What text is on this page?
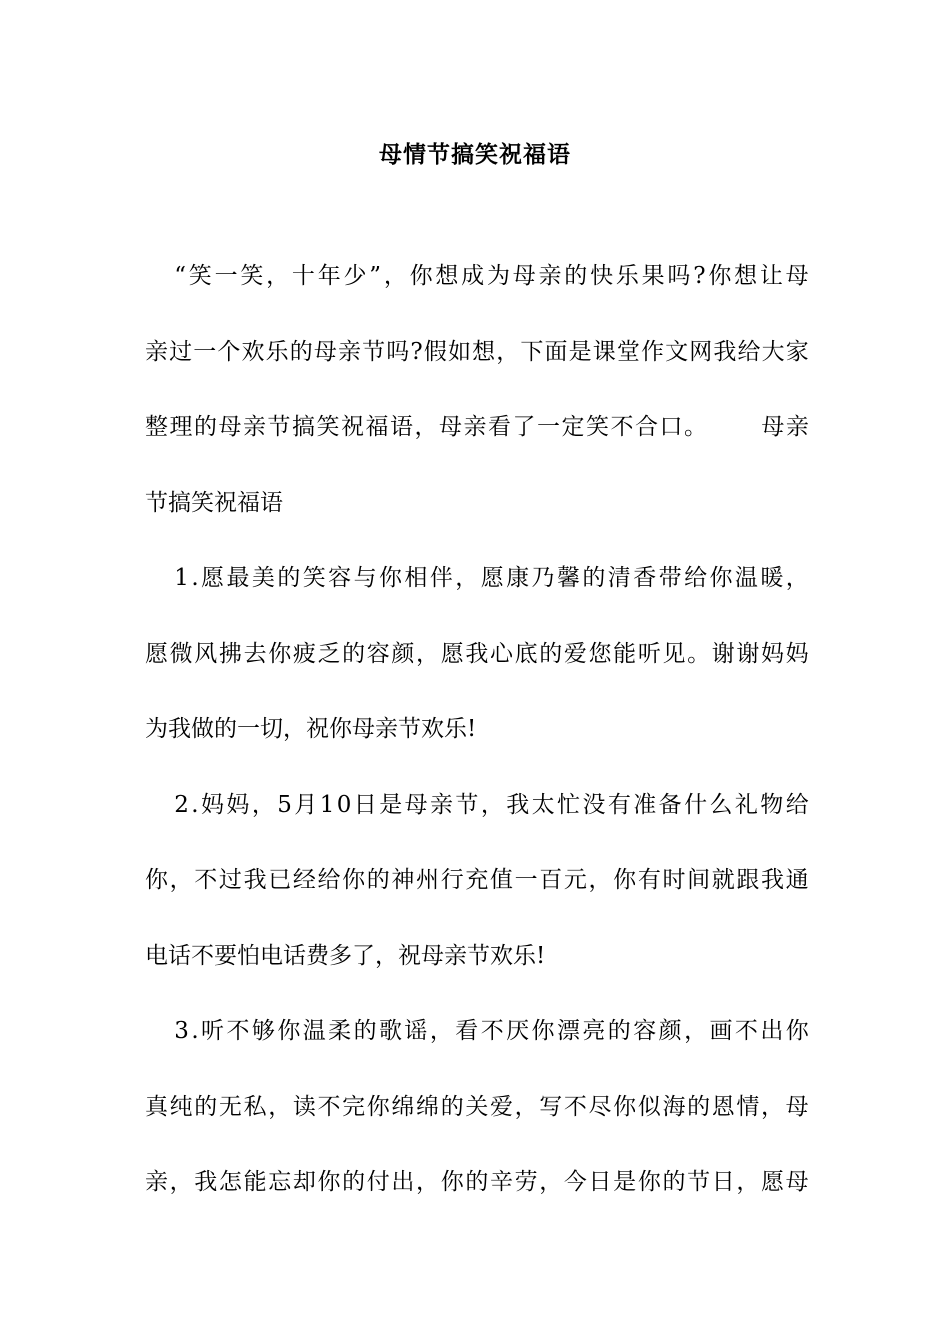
母情节搞笑祝福语
“ 笑 一 笑 ， 十 年 少 ” ， 你 想 成 为 母 亲 的 快 乐 果 吗 ? 你 想 让 母
亲 过 一 个 欢 乐 的 母 亲 节 吗 ? 假 如 想 ， 下 面 是 课 堂 作 文 网 我 给 大 家
整 理 的 母 亲 节 搞 笑 祝 福 语 ， 母 亲 看 了 一 定 笑 不 合 口 。

母 亲
节搞笑祝福语
1 . 愿 最 美 的 笑 容 与 你 相 伴 ， 愿 康 乃 馨 的 清 香 带 给 你 温 暖 ，
愿 微 风 拂 去 你 疲 乏 的 容 颜 ， 愿 我 心 底 的 爱 您 能 听 见 。 谢 谢 妈 妈
为我做的一切，祝你母亲节欢乐!
2 . 妈 妈 ， 5 月 1 0 日 是 母 亲 节 ， 我 太 忙 没 有 准 备 什 么 礼 物 给
你 ， 不 过 我 已 经 给 你 的 神 州 行 充 值 一 百 元 ， 你 有 时 间 就 跟 我 通
电话不要怕电话费多了，祝母亲节欢乐!
3 . 听 不 够 你 温 柔 的 歌 谣 ， 看 不 厌 你 漂 亮 的 容 颜 ， 画 不 出 你
真 纯 的 无 私 ， 读 不 完 你 绵 绵 的 关 爱 ， 写 不 尽 你 似 海 的 恩 情 ， 母
亲 ， 我 怎 能 忘 却 你 的 付 出 ， 你 的 辛 劳 ， 今 日 是 你 的 节 日 ， 愿 母
